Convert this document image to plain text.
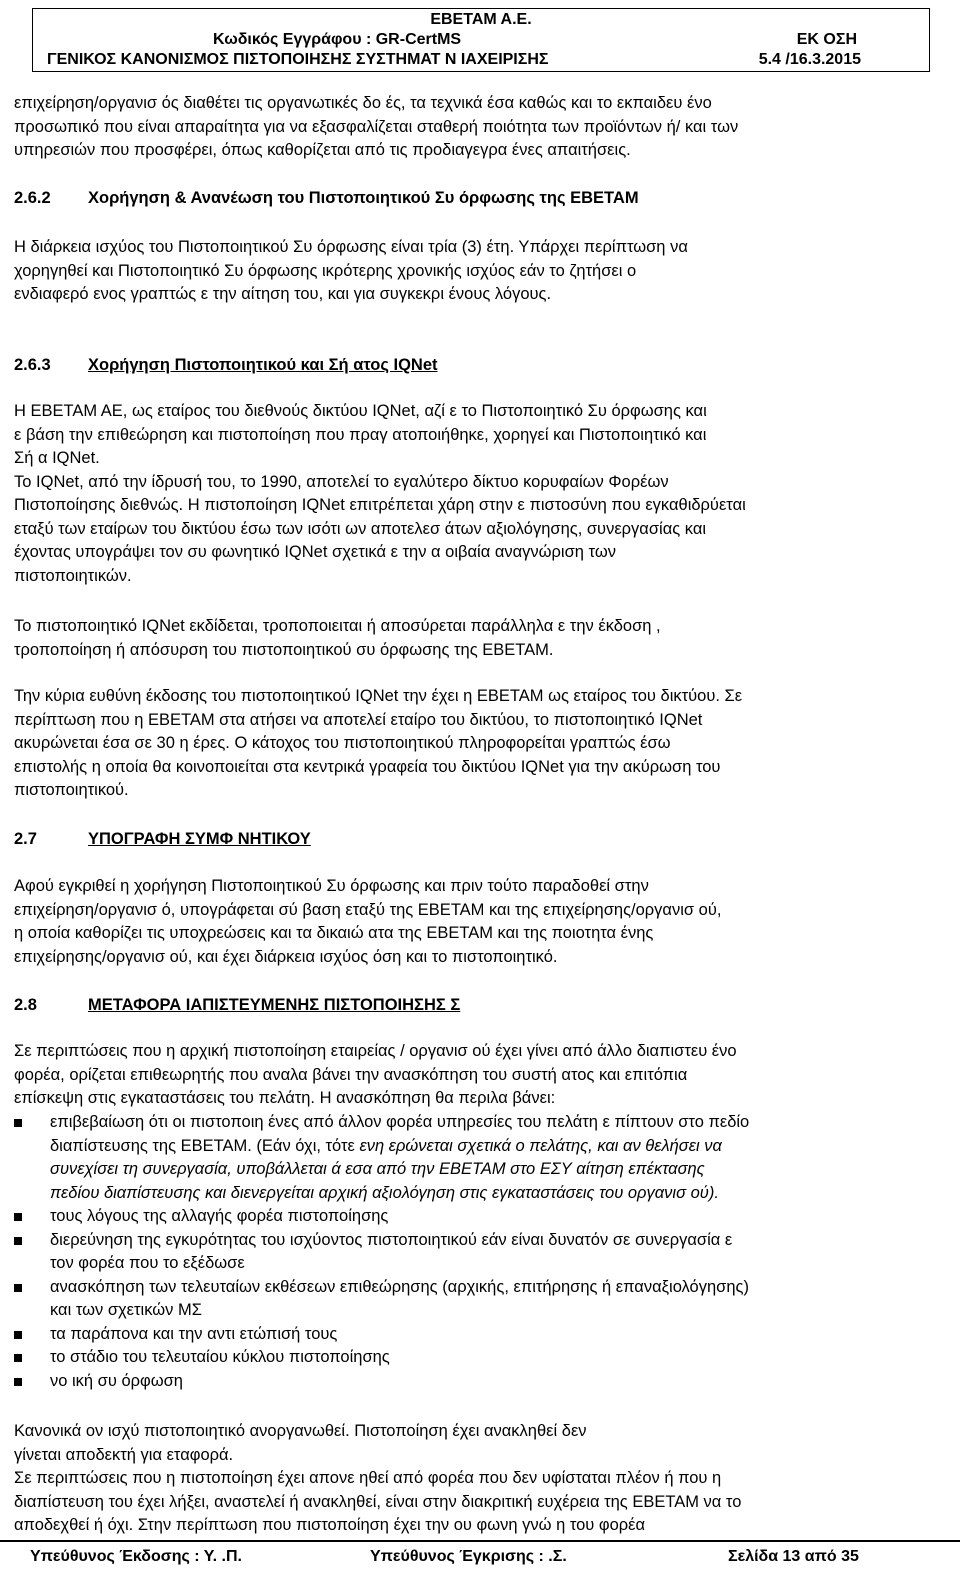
ΕΒΕΤΑΜ Α.Ε.
Κωδικός Εγγράφου : GR-CertMS	ΕΚ ΟΣΗ
ΓΕΝΙΚΟΣ ΚΑΝΟΝΙΣΜΟΣ ΠΙΣΤΟΠΟΙΗΣΗΣ ΣΥΣΤΗΜΑΤ Ν ΙΑΧΕΙΡΙΣΗΣ	5.4 /16.3.2015
επιχείρηση/οργανισ ός διαθέτει τις οργανωτικές δο ές, τα τεχνικά έσα καθώς και το εκπαιδευ ένο
προσωπικό που είναι απαραίτητα για να εξασφαλίζεται σταθερή ποιότητα των προϊόντων ή/ και των
υπηρεσιών που προσφέρει, όπως καθορίζεται από τις προδιαγεγρα ένες απαιτήσεις.
2.6.2 Χορήγηση & Ανανέωση του Πιστοποιητικού Συ όρφωσης της ΕΒΕΤΑΜ
Η διάρκεια ισχύος του Πιστοποιητικού Συ όρφωσης είναι τρία (3) έτη. Υπάρχει περίπτωση να
χορηγηθεί και Πιστοποιητικό Συ όρφωσης ικρότερης χρονικής ισχύος εάν το ζητήσει ο
ενδιαφερό ενος γραπτώς ε την αίτηση του, και για συγκεκρι ένους λόγους.
2.6.3 Χορήγηση Πιστοποιητικού και Σή ατος IQNet
Η ΕΒΕΤΑΜ ΑΕ, ως εταίρος του διεθνούς δικτύου IQNet, αζί ε το Πιστοποιητικό Συ όρφωσης και
ε βάση την επιθεώρηση και πιστοποίηση που πραγ ατοποιήθηκε, χορηγεί και Πιστοποιητικό και
Σή α IQNet.
Το IQNet, από την ίδρυσή του, το 1990, αποτελεί το εγαλύτερο δίκτυο κορυφαίων Φορέων
Πιστοποίησης διεθνώς. Η πιστοποίηση IQNet επιτρέπεται χάρη στην ε πιστοσύνη που εγκαθιδρύεται
εταξύ των εταίρων του δικτύου έσω των ισότι ων αποτελεσ άτων αξιολόγησης, συνεργασίας και
έχοντας υπογράψει τον συ φωνητικό IQNet σχετικά ε την α οιβαία αναγνώριση των
πιστοποιητικών.
Το πιστοποιητικό IQNet εκδίδεται, τροποποιειται ή αποσύρεται παράλληλα ε την έκδοση ,
τροποποίηση ή απόσυρση του πιστοποιητικού συ όρφωσης της ΕΒΕΤΑΜ.
Την κύρια ευθύνη έκδοσης του πιστοποιητικού IQNet την έχει η ΕΒΕΤΑΜ ως εταίρος του δικτύου. Σε
περίπτωση που η ΕΒΕΤΑΜ στα ατήσει να αποτελεί εταίρο του δικτύου, το πιστοποιητικό IQNet
ακυρώνεται έσα σε 30 η έρες. Ο κάτοχος του πιστοποιητικού πληροφορείται γραπτώς έσω
επιστολής η οποία θα κοινοποιείται στα κεντρικά γραφεία του δικτύου IQNet για την ακύρωση του
πιστοποιητικού.
2.7	ΥΠΟΓΡΑΦΗ ΣΥΜΦ ΝΗΤΙΚΟΥ
Αφού εγκριθεί η χορήγηση Πιστοποιητικού Συ όρφωσης και πριν τούτο παραδοθεί στην
επιχείρηση/οργανισ ό, υπογράφεται σύ βαση εταξύ της ΕΒΕΤΑΜ και της επιχείρησης/οργανισ ού,
η οποία καθορίζει τις υποχρεώσεις και τα δικαιώ ατα της ΕΒΕΤΑΜ και της ποιοτητα ένης
επιχείρησης/οργανισ ού, και έχει διάρκεια ισχύος όση και το πιστοποιητικό.
2.8	ΜΕΤΑΦΟΡΑ ΙΑΠΙΣΤΕΥΜΕΝΗΣ ΠΙΣΤΟΠΟΙΗΣΗΣ Σ
Σε περιπτώσεις που η αρχική πιστοποίηση εταιρείας / οργανισ ού έχει γίνει από άλλο διαπιστευ ένο
φορέα, ορίζεται επιθεωρητής που αναλα βάνει την ανασκόπηση του συστή ατος και επιτόπια
επίσκεψη στις εγκαταστάσεις του πελάτη. Η ανασκόπηση θα περιλα βάνει:
επιβεβαίωση ότι οι πιστοποιη ένες από άλλον φορέα υπηρεσίες του πελάτη ε πίπτουν στο πεδίο
διαπίστευσης της ΕΒΕΤΑΜ. (Εάν όχι, τότε ενη ερώνεται σχετικά ο πελάτης, και αν θελήσει να
συνεχίσει τη συνεργασία, υποβάλλεται ά εσα από την ΕΒΕΤΑΜ στο ΕΣΥ αίτηση επέκτασης
πεδίου διαπίστευσης και διενεργείται αρχική αξιολόγηση στις εγκαταστάσεις του οργανισ ού).
τους λόγους της αλλαγής φορέα πιστοποίησης
διερεύνηση της εγκυρότητας του ισχύοντος πιστοποιητικού εάν είναι δυνατόν σε συνεργασία ε
τον φορέα που το εξέδωσε
ανασκόπηση των τελευταίων εκθέσεων επιθεώρησης (αρχικής, επιτήρησης ή επαναξιολόγησης)
και των σχετικών ΜΣ
τα παράπονα και την αντι ετώπισή τους
το στάδιο του τελευταίου κύκλου πιστοποίησης
νο ική συ όρφωση
Κανονικά ον ισχύ πιστοποιητικό ανοργανωθεί. Πιστοποίηση έχει ανακληθεί δεν
γίνεται αποδεκτή για εταφορά.
Σε περιπτώσεις που η πιστοποίηση έχει απονε ηθεί από φορέα που δεν υφίσταται πλέον ή που η
διαπίστευση του έχει λήξει, αναστελεί ή ανακληθεί, είναι στην διακριτική ευχέρεια της ΕΒΕΤΑΜ να το
αποδεχθεί ή όχι. Στην περίπτωση που πιστοποίηση έχει την ου φωνη γνώ η του φορέα
Υπεύθυνος Έκδοσης : Υ. .Π.	Υπεύθυνος Έγκρισης : .Σ.	Σελίδα 13 από 35
